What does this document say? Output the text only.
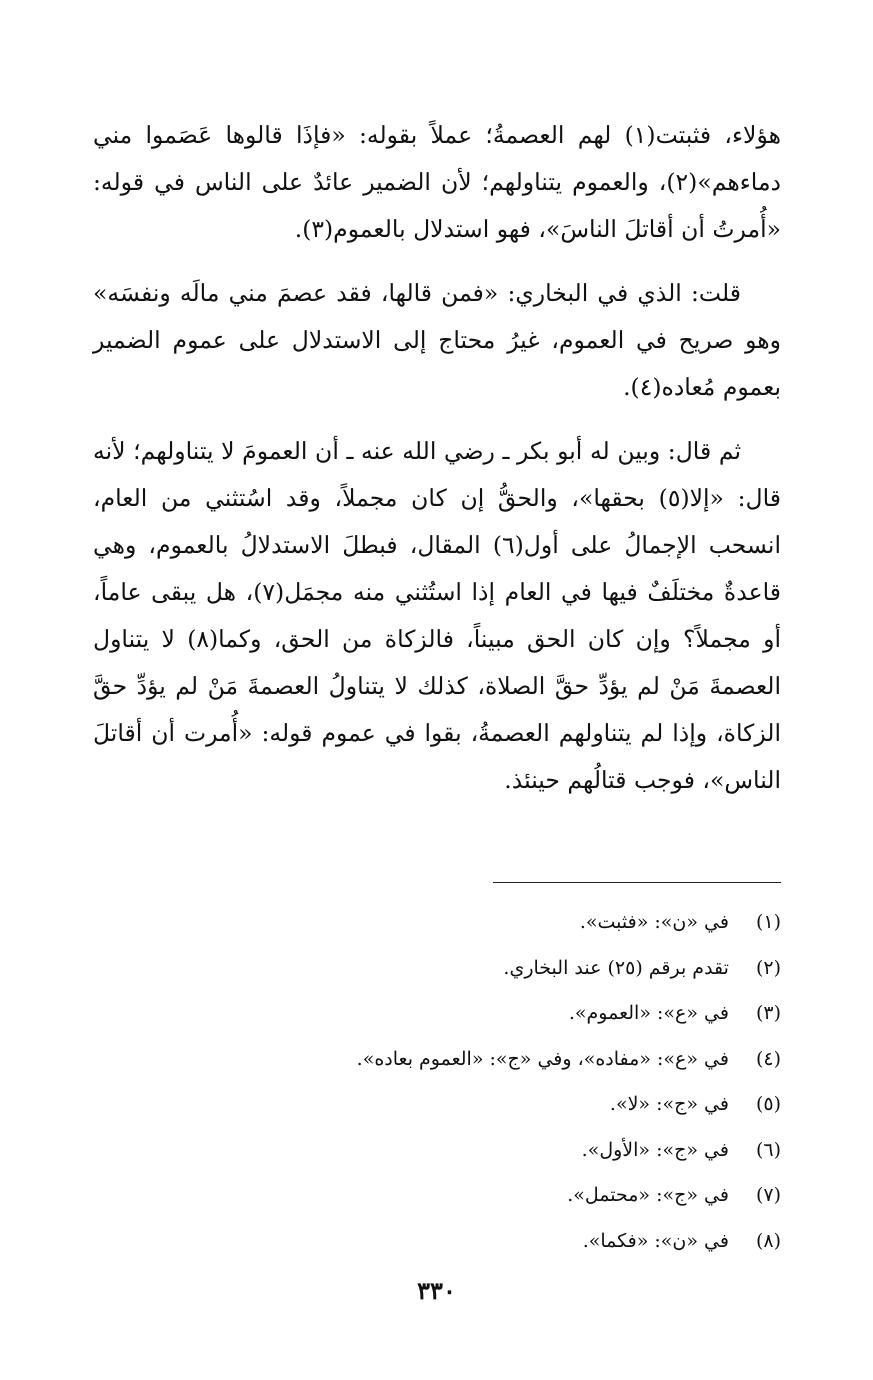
هؤلاء، فثبتت(١) لهم العصمةُ؛ عملاً بقوله: «فإذَا قالوها عَصَموا مني دماءهم»(٢)، والعموم يتناولهم؛ لأن الضمير عائدٌ على الناس في قوله: «أُمرتُ أن أقاتلَ الناسَ»، فهو استدلال بالعموم(٣).

قلت: الذي في البخاري: «فمن قالها، فقد عصمَ مني مالَه ونفسَه» وهو صريح في العموم، غيرُ محتاج إلى الاستدلال على عموم الضمير بعموم مُعاده(٤).

ثم قال: وبين له أبو بكر ـ رضي الله عنه ـ أن العمومَ لا يتناولهم؛ لأنه قال: «إلا(٥) بحقها»، والحقُّ إن كان مجملاً، وقد اسُتثني من العام، انسحب الإجمالُ على أول(٦) المقال، فبطلَ الاستدلالُ بالعموم، وهي قاعدةٌ مختلَفٌ فيها في العام إذا استُثني منه مجمَل(٧)، هل يبقى عاماً، أو مجملاً؟ وإن كان الحق مبيناً، فالزكاة من الحق، وكما(٨) لا يتناول العصمةَ مَنْ لم يؤدِّ حقَّ الصلاة، كذلك لا يتناولُ العصمةَ مَنْ لم يؤدِّ حقَّ الزكاة، وإذا لم يتناولهم العصمةُ، بقوا في عموم قوله: «أُمرت أن أقاتلَ الناس»، فوجب قتالُهم حينئذ.

(١) في «ن»: «فثبت».
(٢) تقدم برقم (٢٥) عند البخاري.
(٣) في «ع»: «العموم».
(٤) في «ع»: «مفاده»، وفي «ج»: «العموم بعاده».
(٥) في «ج»: «لا».
(٦) في «ج»: «الأول».
(٧) في «ج»: «محتمل».
(٨) في «ن»: «فكما».
٣٣٠
